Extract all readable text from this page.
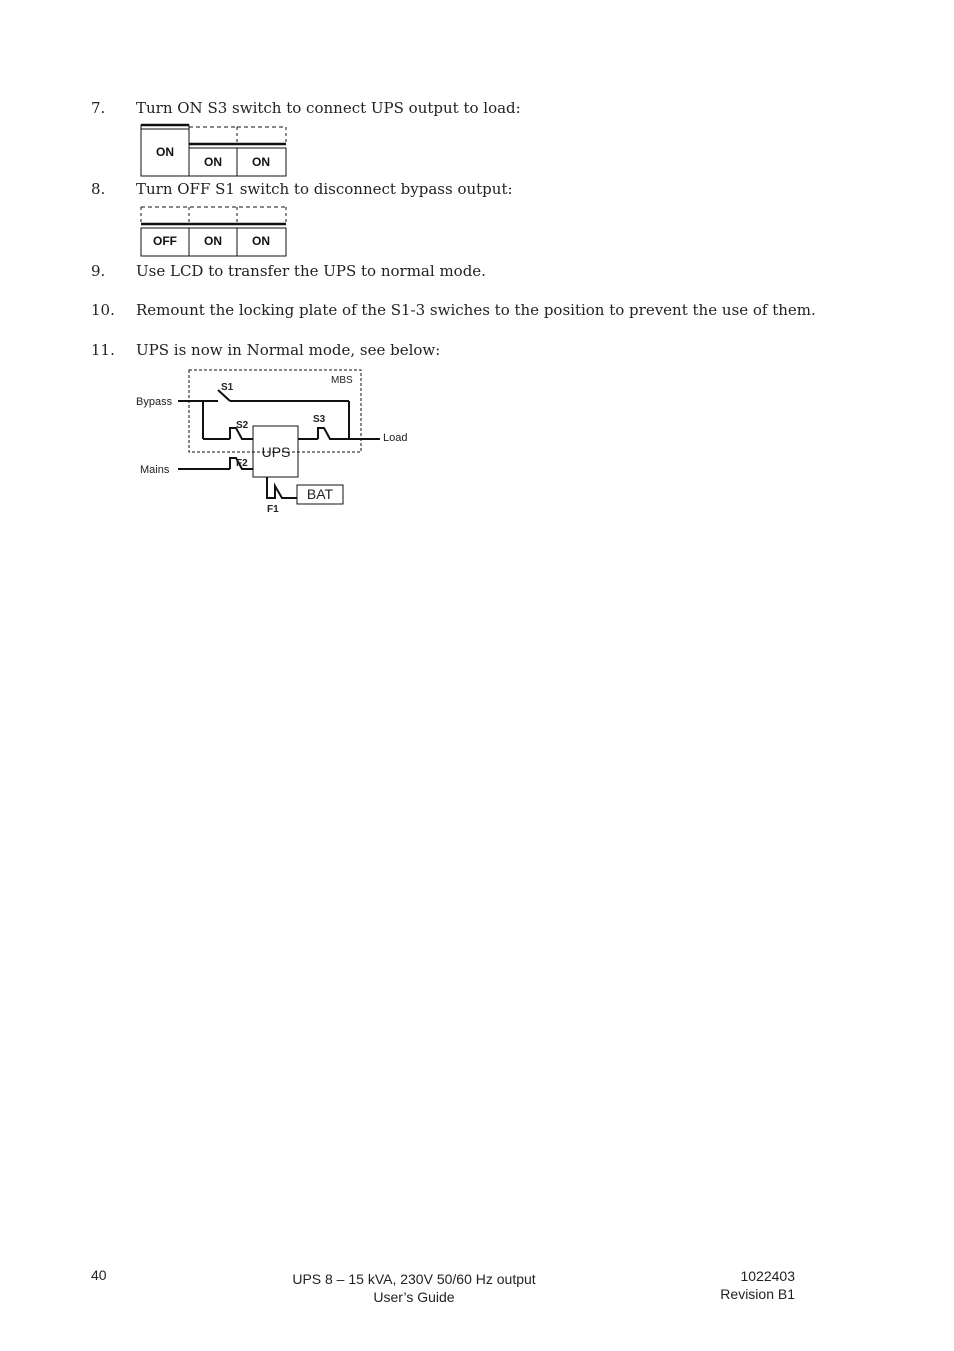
7. Turn ON S3 switch to connect UPS output to load:
ON
ON	ON
8. Turn OFF S1 switch to disconnect bypass output:
OFF ON	ON
9. Use LCD to transfer the UPS to normal mode.
10. Remount the locking plate of the S1-3 swiches to the position to prevent the use of them.
11. UPS is now in Normal mode, see below:
Bypass
Mains
Load
MBS
S1
S2
S3
F2
F1
UPS
BAT
40	UPS 8 – 15 kVA, 230V 50/60 Hz output
User’s Guide
1022403
Revision B1
